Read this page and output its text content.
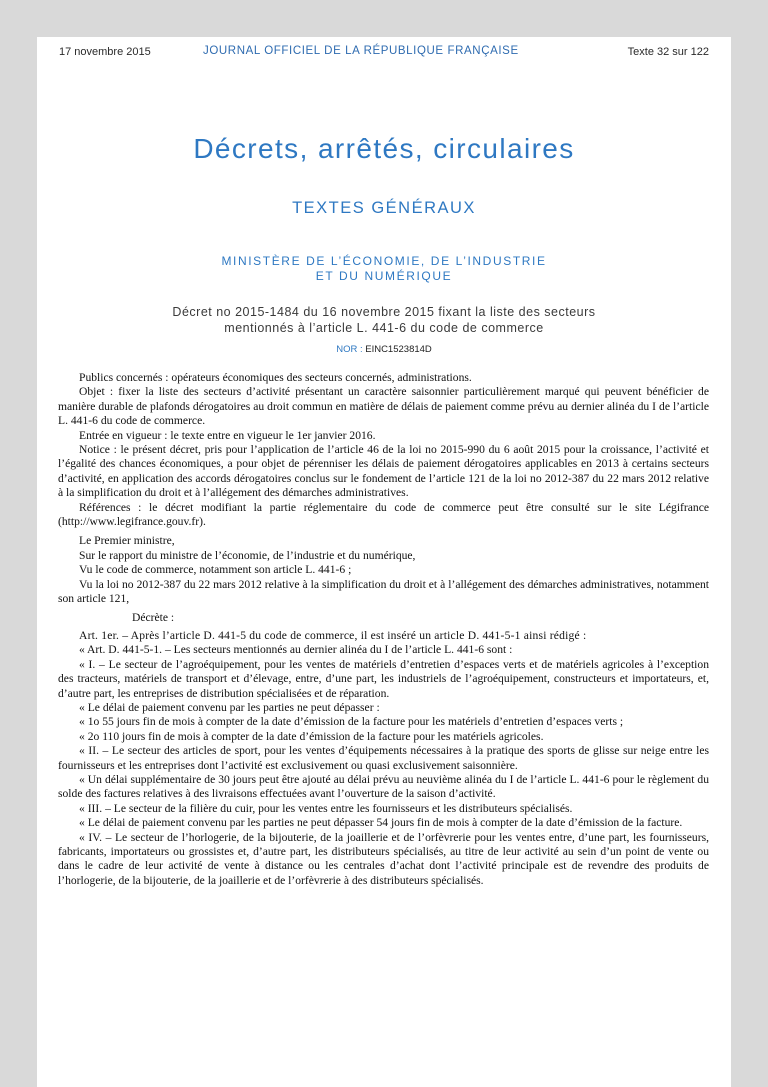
17 novembre 2015	JOURNAL OFFICIEL DE LA RÉPUBLIQUE FRANÇAISE	Texte 32 sur 122
Décrets, arrêtés, circulaires
TEXTES GÉNÉRAUX
MINISTÈRE DE L’ÉCONOMIE, DE L’INDUSTRIE
ET DU NUMÉRIQUE
Décret no 2015-1484 du 16 novembre 2015 fixant la liste des secteurs
mentionnés à l’article L. 441-6 du code de commerce
NOR : EINC1523814D

Publics concernés : opérateurs économiques des secteurs concernés, administrations.

Objet : fixer la liste des secteurs d’activité présentant un caractère saisonnier particulièrement marqué qui peuvent bénéficier de manière durable de plafonds dérogatoires au droit commun en matière de délais de paiement comme prévu au dernier alinéa du I de l’article L. 441-6 du code de commerce.

Entrée en vigueur : le texte entre en vigueur le 1er janvier 2016.

Notice : le présent décret, pris pour l’application de l’article 46 de la loi no 2015-990 du 6 août 2015 pour la croissance, l’activité et l’égalité des chances économiques, a pour objet de pérenniser les délais de paiement dérogatoires applicables en 2013 à certains secteurs d’activité, en application des accords dérogatoires conclus sur le fondement de l’article 121 de la loi no 2012-387 du 22 mars 2012 relative à la simplification du droit et à l’allégement des démarches administratives.

Références : le décret modifiant la partie réglementaire du code de commerce peut être consulté sur le site Légifrance (http://www.legifrance.gouv.fr).

Le Premier ministre,

Sur le rapport du ministre de l’économie, de l’industrie et du numérique,

Vu le code de commerce, notamment son article L. 441-6 ;

Vu la loi no 2012-387 du 22 mars 2012 relative à la simplification du droit et à l’allégement des démarches administratives, notamment son article 121,

Décrète :

Art. 1er. – Après l’article D. 441-5 du code de commerce, il est inséré un article D. 441-5-1 ainsi rédigé :

« Art. D. 441-5-1. – Les secteurs mentionnés au dernier alinéa du I de l’article L. 441-6 sont :

« I. – Le secteur de l’agroéquipement, pour les ventes de matériels d’entretien d’espaces verts et de matériels agricoles à l’exception des tracteurs, matériels de transport et d’élevage, entre, d’une part, les industriels de l’agroéquipement, constructeurs et importateurs, et, d’autre part, les entreprises de distribution spécialisées et de réparation.

« Le délai de paiement convenu par les parties ne peut dépasser :

« 1o 55 jours fin de mois à compter de la date d’émission de la facture pour les matériels d’entretien d’espaces verts ;

« 2o 110 jours fin de mois à compter de la date d’émission de la facture pour les matériels agricoles.

« II. – Le secteur des articles de sport, pour les ventes d’équipements nécessaires à la pratique des sports de glisse sur neige entre les fournisseurs et les entreprises dont l’activité est exclusivement ou quasi exclusivement saisonnière.

« Un délai supplémentaire de 30 jours peut être ajouté au délai prévu au neuvième alinéa du I de l’article L. 441-6 pour le règlement du solde des factures relatives à des livraisons effectuées avant l’ouverture de la saison d’activité.

« III. – Le secteur de la filière du cuir, pour les ventes entre les fournisseurs et les distributeurs spécialisés.

« Le délai de paiement convenu par les parties ne peut dépasser 54 jours fin de mois à compter de la date d’émission de la facture.

« IV. – Le secteur de l’horlogerie, de la bijouterie, de la joaillerie et de l’orfèvrerie pour les ventes entre, d’une part, les fournisseurs, fabricants, importateurs ou grossistes et, d’autre part, les distributeurs spécialisés, au titre de leur activité au sein d’un point de vente ou dans le cadre de leur activité de vente à distance ou les centrales d’achat dont l’activité principale est de revendre des produits de l’horlogerie, de la bijouterie, de la joaillerie et de l’orfèvrerie à des distributeurs spécialisés.
